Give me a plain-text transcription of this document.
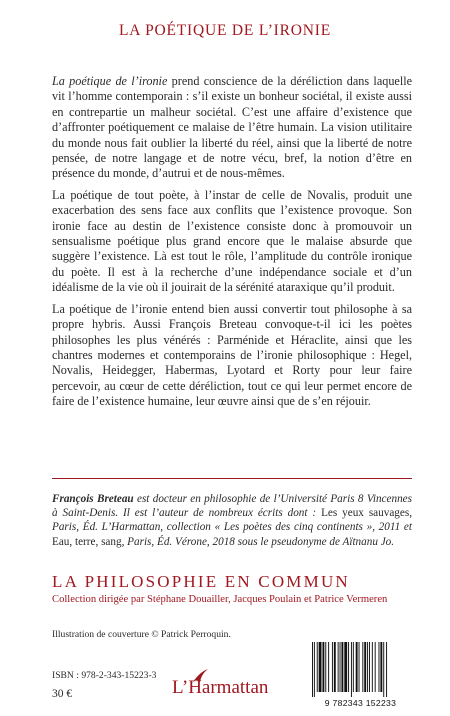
LA POÉTIQUE DE L’IRONIE

La poétique de l’ironie prend conscience de la déréliction dans laquelle vit l’homme contemporain : s’il existe un bonheur sociétal, il existe aussi en contrepartie un malheur sociétal. C’est une affaire d’existence que d’affronter poétiquement ce malaise de l’être humain. La vision utilitaire du monde nous fait oublier la liberté du réel, ainsi que la liberté de notre pensée, de notre langage et de notre vécu, bref, la notion d’être en présence du monde, d’autrui et de nous-mêmes.

La poétique de tout poète, à l’instar de celle de Novalis, produit une exacerbation des sens face aux conflits que l’existence provoque. Son ironie face au destin de l’existence consiste donc à promouvoir un sensualisme poétique plus grand encore que le malaise absurde que suggère l’existence. Là est tout le rôle, l’amplitude du contrôle ironique du poète. Il est à la recherche d’une indépendance sociale et d’un idéalisme de la vie où il jouirait de la sérénité ataraxique qu’il produit.

La poétique de l’ironie entend bien aussi convertir tout philosophe à sa propre hybris. Aussi François Breteau convoque-t-il ici les poètes philosophes les plus vénérés : Parménide et Héraclite, ainsi que les chantres modernes et contemporains de l’ironie philosophique : Hegel, Novalis, Heidegger, Habermas, Lyotard et Rorty pour leur faire percevoir, au cœur de cette déréliction, tout ce qui leur permet encore de faire de l’existence humaine, leur œuvre ainsi que de s’en réjouir.

François Breteau est docteur en philosophie de l’Université Paris 8 Vincennes à Saint-Denis. Il est l’auteur de nombreux écrits dont : Les yeux sauvages, Paris, Éd. L’Harmattan, collection « Les poètes des cinq continents », 2011 et Eau, terre, sang, Paris, Éd. Vérone, 2018 sous le pseudonyme de Aïtnanu Jo.
LA PHILOSOPHIE EN COMMUN
Collection dirigée par Stéphane Douailler, Jacques Poulain et Patrice Vermeren
Illustration de couverture © Patrick Perroquin.
ISBN : 978-2-343-15223-3
30 €	L’Harmattan
9 782343 152233
